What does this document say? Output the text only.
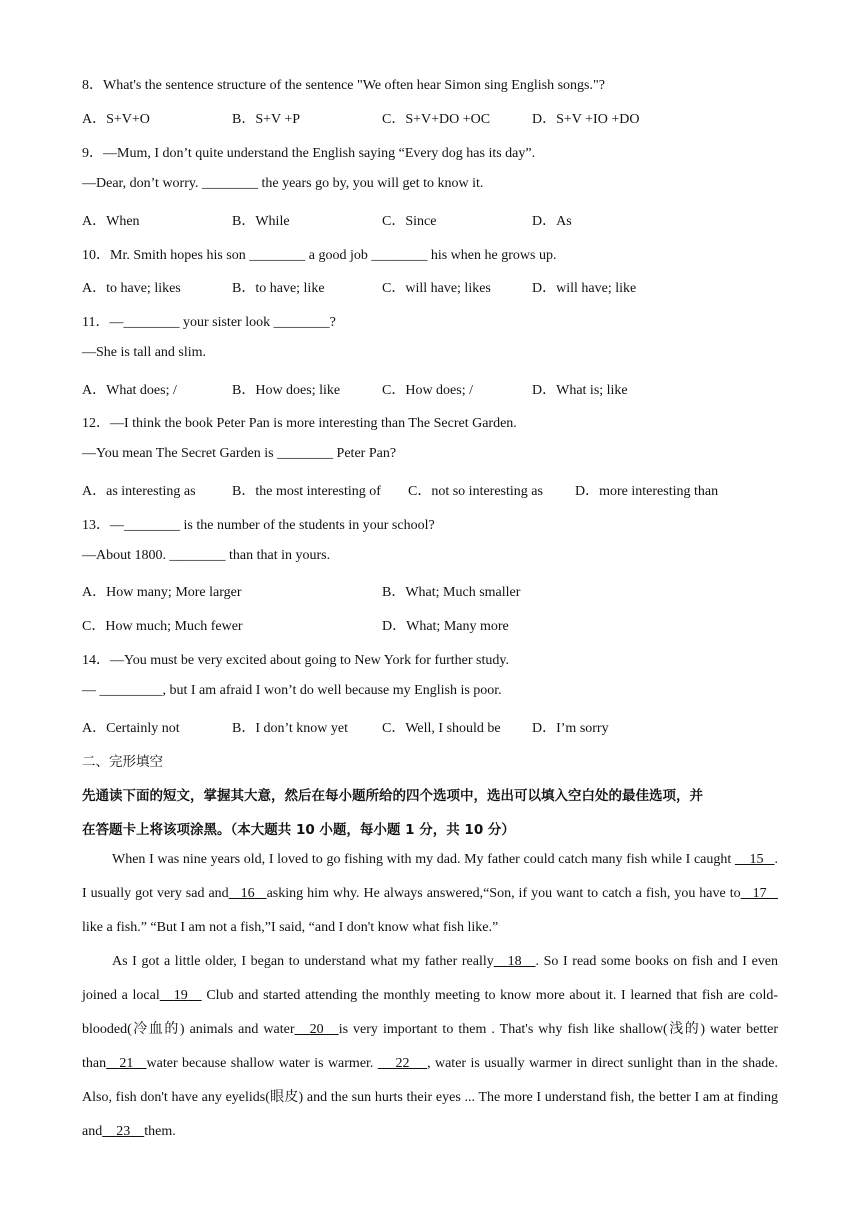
8．What's the sentence structure of the sentence "We often hear Simon sing English songs."?
A．S+V+O	B．S+V +P	C．S+V+DO +OC	D．S+V +IO +DO
9．—Mum, I don’t quite understand the English saying “Every dog has its day”.
—Dear, don’t worry. ________ the years go by, you will get to know it.
A．When	B．While	C．Since	D．As
10．Mr. Smith hopes his son ________ a good job ________ his when he grows up.
A．to have; likes	B．to have; like	C．will have; likes	D．will have; like
11．—________ your sister look ________?
—She is tall and slim.
A．What does; /	B．How does; like	C．How does; /	D．What is; like
12．—I think the book Peter Pan is more interesting than The Secret Garden.
—You mean The Secret Garden is ________ Peter Pan?
A．as interesting as	B．the most interesting of C．not so interesting as D．more interesting than
13．—________ is the number of the students in your school?
—About 1800. ________ than that in yours.
A．How many; More larger	B．What; Much smaller
C．How much; Much fewer	D．What; Many more
14．—You must be very excited about going to New York for further study.
— _________, but I am afraid I won’t do well because my English is poor.
A．Certainly not	B．I don’t know yet C．Well, I should be D．I’m sorry
二、完形填空
先通读下面的短文，掌握其大意，然后在每小题所给的四个选项中，选出可以填入空白处的最佳选项，并
在答题卡上将该项涂黑。（本大题共 10 小题，每小题 1 分，共 10 分）

When I was nine years old, I loved to go fishing with my dad. My father could catch many fish while I caught     15 . I usually got very sad and 16 asking him why. He always answered,“Son, if you want to catch a fish, you have to 17    like a fish.” “But I am not a fish,”I said, “and I don't know what fish like.”

As I got a little older, I began to understand what my father really 18 . So I read some books on fish and I even joined a local 19    Club and started attending the monthly meeting to know more about it. I learned that fish are cold-blooded(冷血的) animals and water 20 is very important to them . That's why fish like shallow(浅的) water better than 21 water because shallow water is warmer.     22 , water is usually warmer in direct sunlight than in the shade. Also, fish don't have any eyelids(眼皮) and the sun hurts their eyes ... The more I understand fish, the better I am at finding and 23 them.
